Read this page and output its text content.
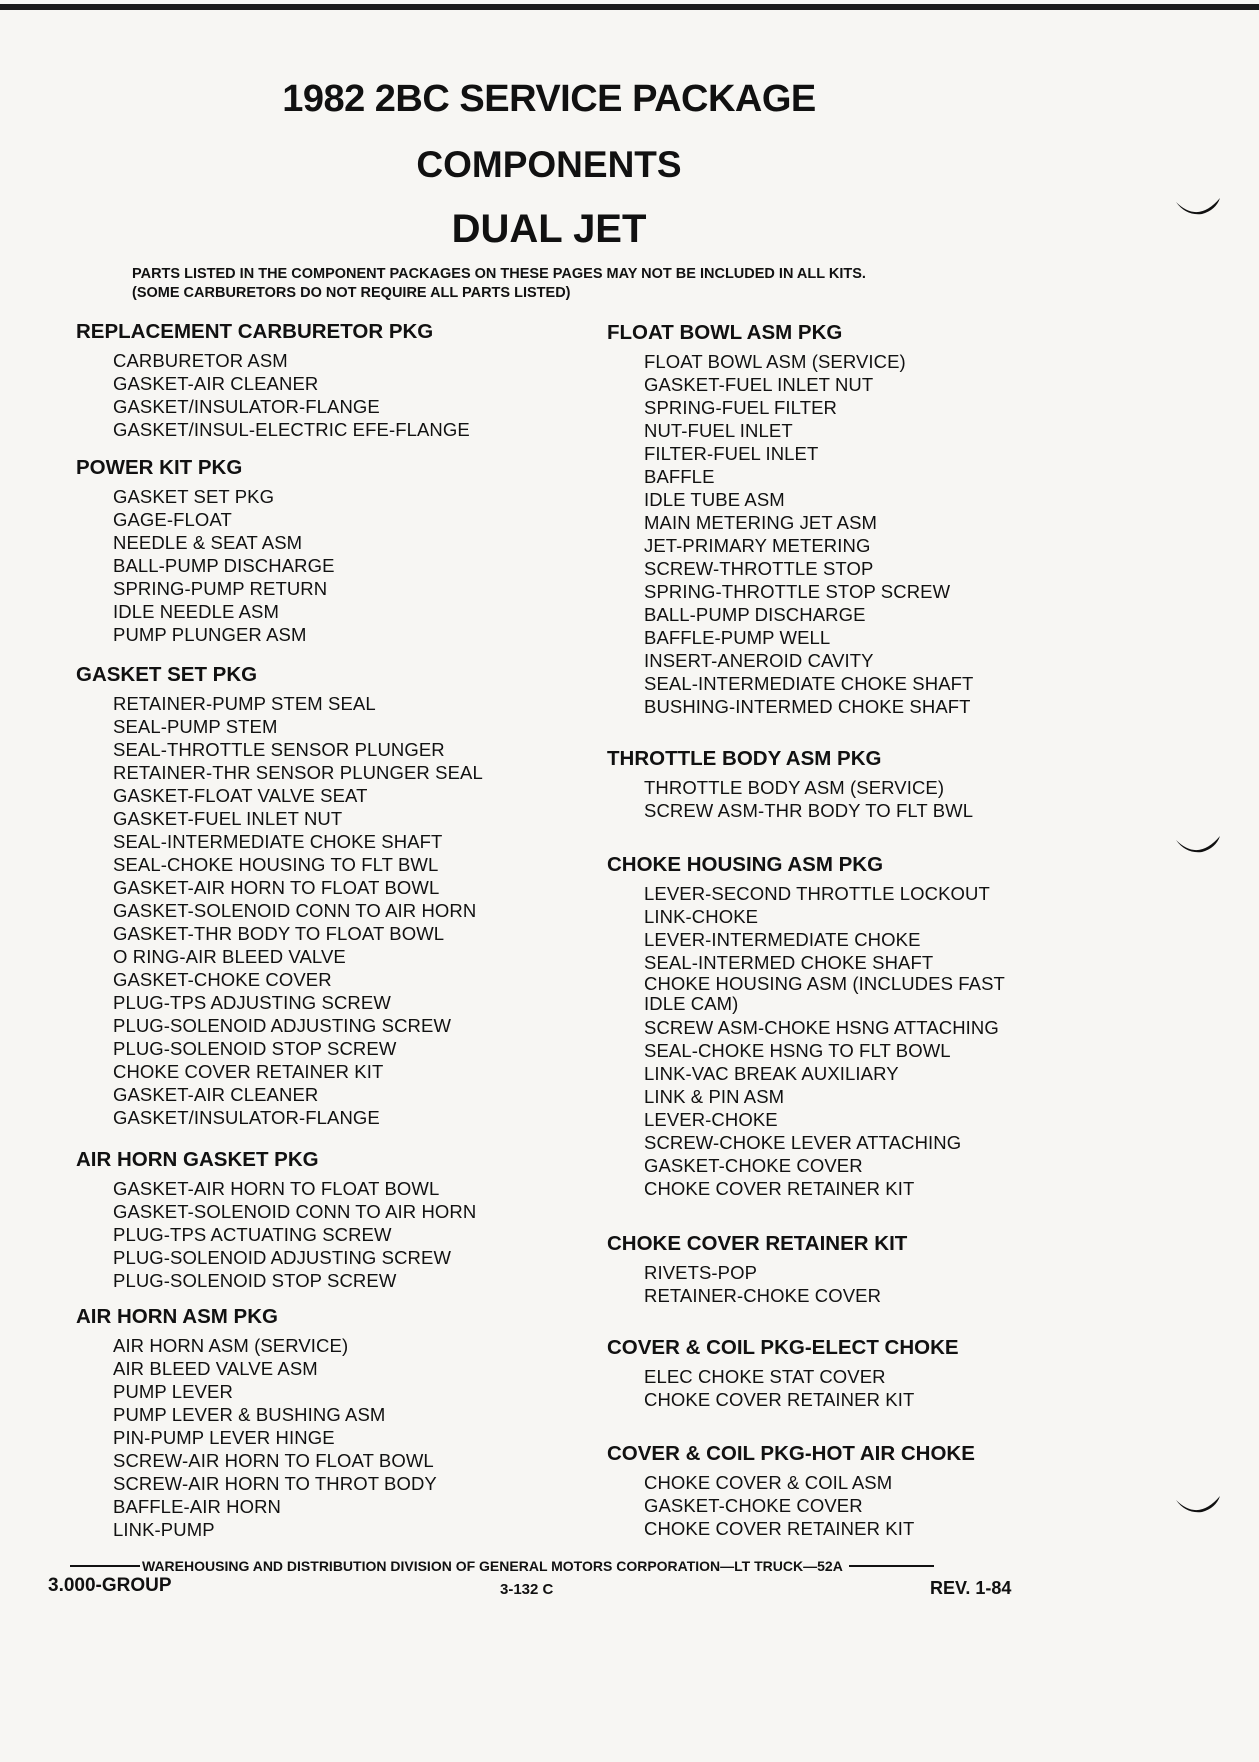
1982 2BC SERVICE PACKAGE
COMPONENTS
DUAL JET
PARTS LISTED IN THE COMPONENT PACKAGES ON THESE PAGES MAY NOT BE INCLUDED IN ALL KITS.
(SOME CARBURETORS DO NOT REQUIRE ALL PARTS LISTED)
REPLACEMENT CARBURETOR PKG
CARBURETOR ASM
GASKET-AIR CLEANER
GASKET/INSULATOR-FLANGE
GASKET/INSUL-ELECTRIC EFE-FLANGE
POWER KIT PKG
GASKET SET PKG
GAGE-FLOAT
NEEDLE & SEAT ASM
BALL-PUMP DISCHARGE
SPRING-PUMP RETURN
IDLE NEEDLE ASM
PUMP PLUNGER ASM
GASKET SET PKG
RETAINER-PUMP STEM SEAL
SEAL-PUMP STEM
SEAL-THROTTLE SENSOR PLUNGER
RETAINER-THR SENSOR PLUNGER SEAL
GASKET-FLOAT VALVE SEAT
GASKET-FUEL INLET NUT
SEAL-INTERMEDIATE CHOKE SHAFT
SEAL-CHOKE HOUSING TO FLT BWL
GASKET-AIR HORN TO FLOAT BOWL
GASKET-SOLENOID CONN TO AIR HORN
GASKET-THR BODY TO FLOAT BOWL
O RING-AIR BLEED VALVE
GASKET-CHOKE COVER
PLUG-TPS ADJUSTING SCREW
PLUG-SOLENOID ADJUSTING SCREW
PLUG-SOLENOID STOP SCREW
CHOKE COVER RETAINER KIT
GASKET-AIR CLEANER
GASKET/INSULATOR-FLANGE
AIR HORN GASKET PKG
GASKET-AIR HORN TO FLOAT BOWL
GASKET-SOLENOID CONN TO AIR HORN
PLUG-TPS ACTUATING SCREW
PLUG-SOLENOID ADJUSTING SCREW
PLUG-SOLENOID STOP SCREW
AIR HORN ASM PKG
AIR HORN ASM (SERVICE)
AIR BLEED VALVE ASM
PUMP LEVER
PUMP LEVER & BUSHING ASM
PIN-PUMP LEVER HINGE
SCREW-AIR HORN TO FLOAT BOWL
SCREW-AIR HORN TO THROT BODY
BAFFLE-AIR HORN
LINK-PUMP
FLOAT BOWL ASM PKG
FLOAT BOWL ASM (SERVICE)
GASKET-FUEL INLET NUT
SPRING-FUEL FILTER
NUT-FUEL INLET
FILTER-FUEL INLET
BAFFLE
IDLE TUBE ASM
MAIN METERING JET ASM
JET-PRIMARY METERING
SCREW-THROTTLE STOP
SPRING-THROTTLE STOP SCREW
BALL-PUMP DISCHARGE
BAFFLE-PUMP WELL
INSERT-ANEROID CAVITY
SEAL-INTERMEDIATE CHOKE SHAFT
BUSHING-INTERMED CHOKE SHAFT
THROTTLE BODY ASM PKG
THROTTLE BODY ASM (SERVICE)
SCREW ASM-THR BODY TO FLT BWL
CHOKE HOUSING ASM PKG
LEVER-SECOND THROTTLE LOCKOUT
LINK-CHOKE
LEVER-INTERMEDIATE CHOKE
SEAL-INTERMED CHOKE SHAFT
CHOKE HOUSING ASM (INCLUDES FAST IDLE CAM)
SCREW ASM-CHOKE HSNG ATTACHING
SEAL-CHOKE HSNG TO FLT BOWL
LINK-VAC BREAK AUXILIARY
LINK & PIN ASM
LEVER-CHOKE
SCREW-CHOKE LEVER ATTACHING
GASKET-CHOKE COVER
CHOKE COVER RETAINER KIT
CHOKE COVER RETAINER KIT
RIVETS-POP
RETAINER-CHOKE COVER
COVER & COIL PKG-ELECT CHOKE
ELEC CHOKE STAT COVER
CHOKE COVER RETAINER KIT
COVER & COIL PKG-HOT AIR CHOKE
CHOKE COVER & COIL ASM
GASKET-CHOKE COVER
CHOKE COVER RETAINER KIT
WAREHOUSING AND DISTRIBUTION DIVISION OF GENERAL MOTORS CORPORATION—LT TRUCK—52A
3.000-GROUP	3-132 C	REV. 1-84
